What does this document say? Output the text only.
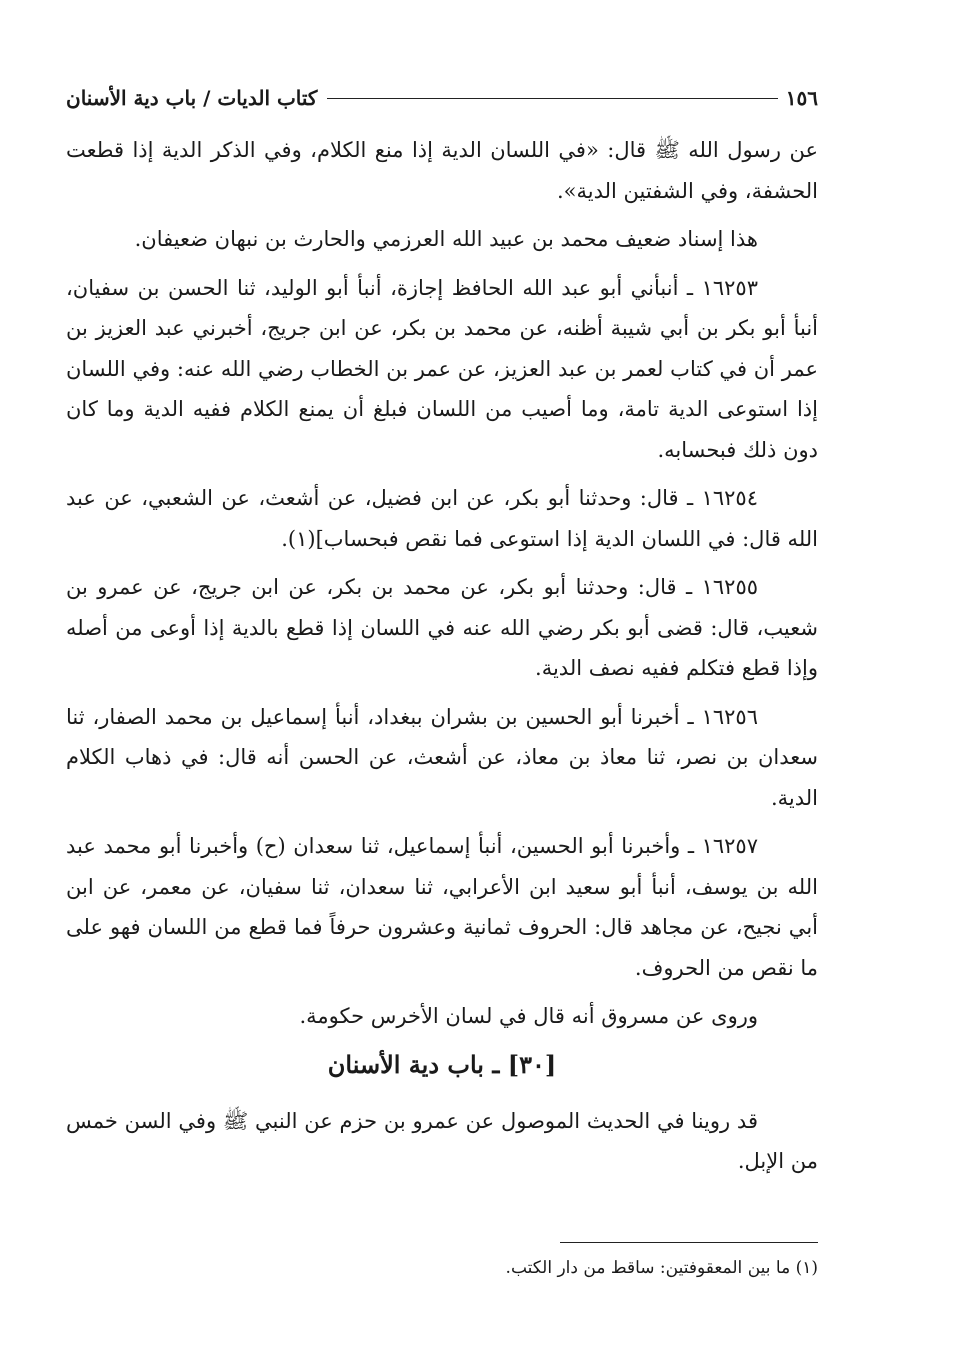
١٥٦
كتاب الديات / باب دية الأسنان

عن رسول الله ﷺ قال: «في اللسان الدية إذا منع الكلام، وفي الذكر الدية إذا قطعت الحشفة، وفي الشفتين الدية».

هذا إسناد ضعيف محمد بن عبيد الله العرزمي والحارث بن نبهان ضعيفان.

١٦٢٥٣ ـ أنبأني أبو عبد الله الحافظ إجازة، أنبأ أبو الوليد، ثنا الحسن بن سفيان، أنبأ أبو بكر بن أبي شيبة أظنه، عن محمد بن بكر، عن ابن جريج، أخبرني عبد العزيز بن عمر أن في كتاب لعمر بن عبد العزيز، عن عمر بن الخطاب رضي الله عنه: وفي اللسان إذا استوعى الدية تامة، وما أصيب من اللسان فبلغ أن يمنع الكلام ففيه الدية وما كان دون ذلك فبحسابه.

١٦٢٥٤ ـ قال: وحدثنا أبو بكر، عن ابن فضيل، عن أشعث، عن الشعبي، عن عبد الله قال: في اللسان الدية إذا استوعى فما نقص فبحساب](١).

١٦٢٥٥ ـ قال: وحدثنا أبو بكر، عن محمد بن بكر، عن ابن جريج، عن عمرو بن شعيب، قال: قضى أبو بكر رضي الله عنه في اللسان إذا قطع بالدية إذا أوعى من أصله وإذا قطع فتكلم ففيه نصف الدية.

١٦٢٥٦ ـ أخبرنا أبو الحسين بن بشران ببغداد، أنبأ إسماعيل بن محمد الصفار، ثنا سعدان بن نصر، ثنا معاذ بن معاذ، عن أشعث، عن الحسن أنه قال: في ذهاب الكلام الدية.

١٦٢٥٧ ـ وأخبرنا أبو الحسين، أنبأ إسماعيل، ثنا سعدان (ح) وأخبرنا أبو محمد عبد الله بن يوسف، أنبأ أبو سعيد ابن الأعرابي، ثنا سعدان، ثنا سفيان، عن معمر، عن ابن أبي نجيح، عن مجاهد قال: الحروف ثمانية وعشرون حرفاً فما قطع من اللسان فهو على ما نقص من الحروف.

وروى عن مسروق أنه قال في لسان الأخرس حكومة.

[٣٠] ـ باب دية الأسنان

قد روينا في الحديث الموصول عن عمرو بن حزم عن النبي ﷺ وفي السن خمس من الإبل.

(١) ما بين المعقوفتين: ساقط من دار الكتب.
